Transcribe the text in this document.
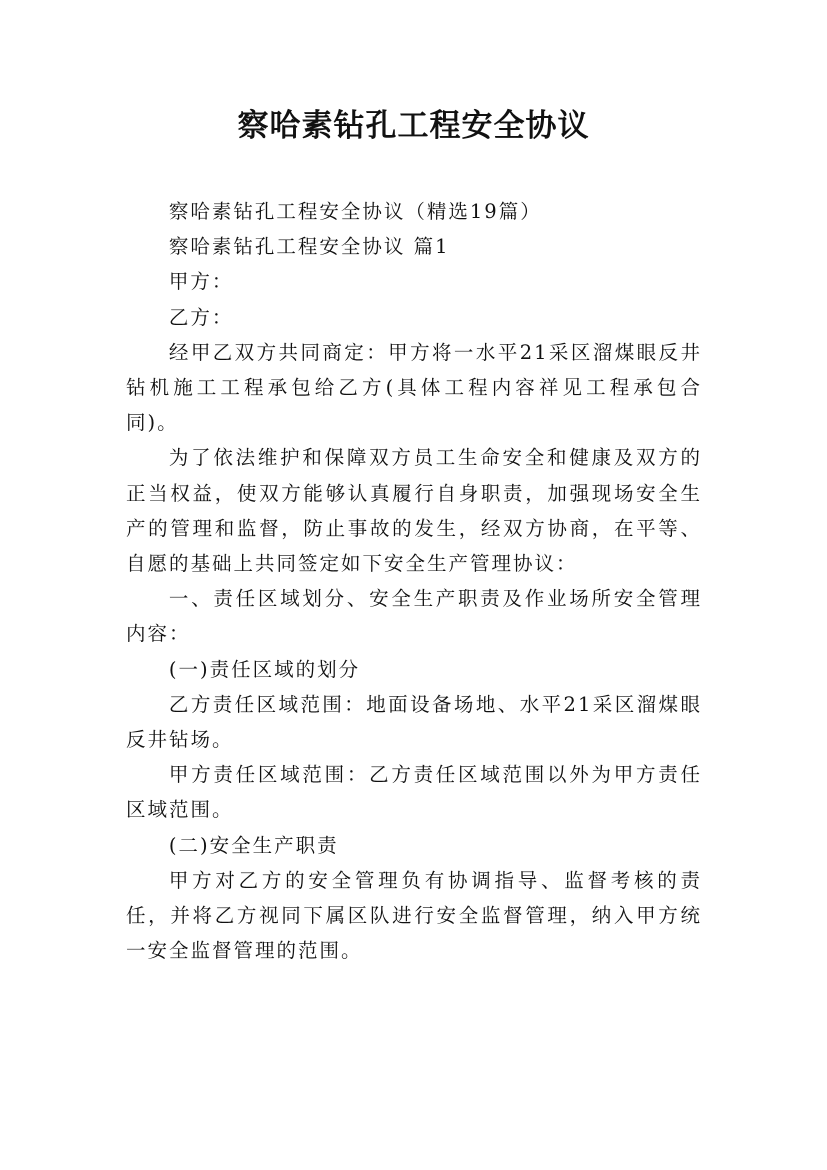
察哈素钻孔工程安全协议

察哈素钻孔工程安全协议（精选19篇）

察哈素钻孔工程安全协议 篇1

甲方：

乙方：

经甲乙双方共同商定：甲方将一水平21采区溜煤眼反井钻机施工工程承包给乙方(具体工程内容祥见工程承包合同)。

为了依法维护和保障双方员工生命安全和健康及双方的正当权益，使双方能够认真履行自身职责，加强现场安全生产的管理和监督，防止事故的发生，经双方协商，在平等、自愿的基础上共同签定如下安全生产管理协议：

一、责任区域划分、安全生产职责及作业场所安全管理内容：

(一)责任区域的划分

乙方责任区域范围：地面设备场地、水平21采区溜煤眼反井钻场。

甲方责任区域范围：乙方责任区域范围以外为甲方责任区域范围。

(二)安全生产职责

甲方对乙方的安全管理负有协调指导、监督考核的责任，并将乙方视同下属区队进行安全监督管理，纳入甲方统一安全监督管理的范围。
